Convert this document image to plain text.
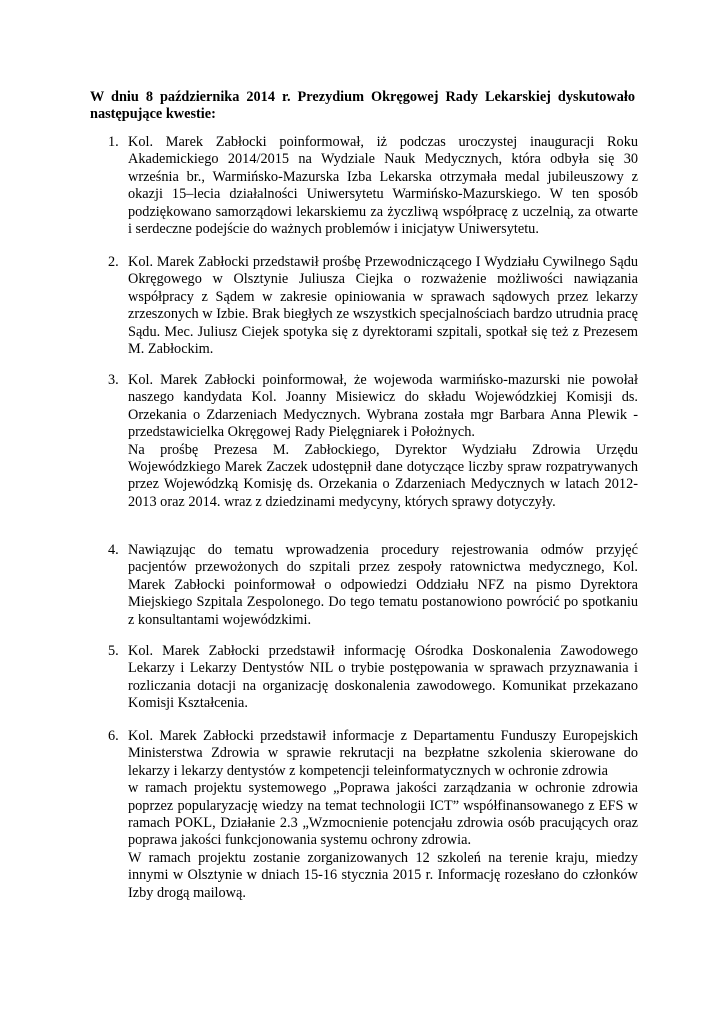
W dniu 8 października 2014 r. Prezydium Okręgowej Rady Lekarskiej dyskutowało następujące kwestie:
1. Kol. Marek Zabłocki poinformował, iż podczas uroczystej inauguracji Roku Akademickiego 2014/2015 na Wydziale Nauk Medycznych, która odbyła się 30 września br., Warmińsko-Mazurska Izba Lekarska otrzymała medal jubileuszowy z okazji 15–lecia działalności Uniwersytetu Warmińsko-Mazurskiego. W ten sposób podziękowano samorządowi lekarskiemu za życzliwą współpracę z uczelnią, za otwarte i serdeczne podejście do ważnych problemów i inicjatyw Uniwersytetu.

2. Kol. Marek Zabłocki przedstawił prośbę Przewodniczącego I Wydziału Cywilnego Sądu Okręgowego w Olsztynie Juliusza Ciejka o rozważenie możliwości nawiązania współpracy z Sądem w zakresie opiniowania w sprawach sądowych przez lekarzy zrzeszonych w Izbie. Brak biegłych ze wszystkich specjalnościach bardzo utrudnia pracę Sądu. Mec. Juliusz Ciejek spotyka się z dyrektorami szpitali, spotkał się też z Prezesem M. Zabłockim.

3. Kol. Marek Zabłocki poinformował, że wojewoda warmińsko-mazurski nie powołał naszego kandydata Kol. Joanny Misiewicz do składu Wojewódzkiej Komisji ds. Orzekania o Zdarzeniach Medycznych. Wybrana została mgr Barbara Anna Plewik - przedstawicielka Okręgowej Rady Pielęgniarek i Położnych.

Na prośbę Prezesa M. Zabłockiego, Dyrektor Wydziału Zdrowia Urzędu Wojewódzkiego Marek Zaczek udostępnił dane dotyczące liczby spraw rozpatrywanych przez Wojewódzką Komisję ds. Orzekania o Zdarzeniach Medycznych w latach 2012-2013 oraz 2014. wraz z dziedzinami medycyny, których sprawy dotyczyły.

4. Nawiązując do tematu wprowadzenia procedury rejestrowania odmów przyjęć pacjentów przewożonych do szpitali przez zespoły ratownictwa medycznego, Kol. Marek Zabłocki poinformował o odpowiedzi Oddziału NFZ na pismo Dyrektora Miejskiego Szpitala Zespolonego. Do tego tematu postanowiono powrócić po spotkaniu z konsultantami wojewódzkimi.

5. Kol. Marek Zabłocki przedstawił informację Ośrodka Doskonalenia Zawodowego Lekarzy i Lekarzy Dentystów NIL o trybie postępowania w sprawach przyznawania i rozliczania dotacji na organizację doskonalenia zawodowego. Komunikat przekazano Komisji Kształcenia.

6. Kol. Marek Zabłocki przedstawił informacje z Departamentu Funduszy Europejskich Ministerstwa Zdrowia w sprawie rekrutacji na bezpłatne szkolenia skierowane do lekarzy i lekarzy dentystów z kompetencji teleinformatycznych w ochronie zdrowia

w ramach projektu systemowego „Poprawa jakości zarządzania w ochronie zdrowia poprzez popularyzację wiedzy na temat technologii ICT” współfinansowanego z EFS w ramach POKL, Działanie 2.3 „Wzmocnienie potencjału zdrowia osób pracujących oraz poprawa jakości funkcjonowania systemu ochrony zdrowia.

W ramach projektu zostanie zorganizowanych 12 szkoleń na terenie kraju, miedzy innymi w Olsztynie w dniach 15-16 stycznia 2015 r. Informację rozesłano do członków Izby drogą mailową.
